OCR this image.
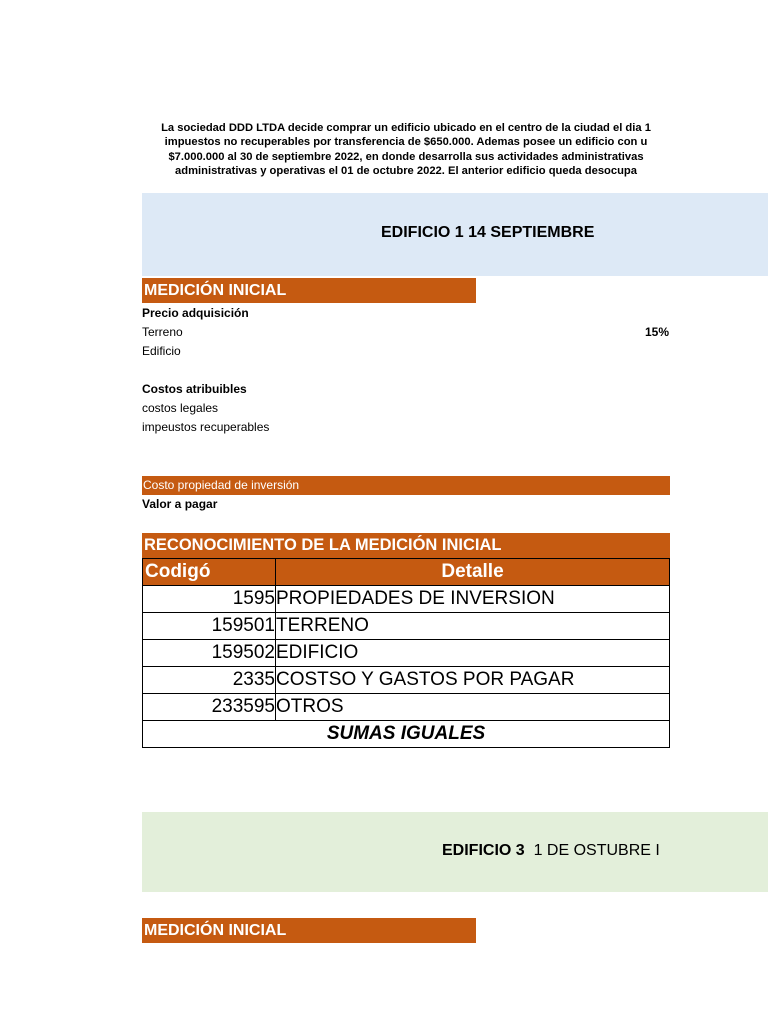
La sociedad DDD LTDA decide comprar un edificio ubicado en el centro de la ciudad el dia 1
impuestos no recuperables por transferencia de $650.000. Ademas posee un edificio con u
$7.000.000 al 30 de septiembre 2022, en donde desarrolla sus actividades administrativas
administrativas y operativas el 01 de octubre 2022. El anterior edificio queda desocupa
EDIFICIO 1 14 SEPTIEMBRE
MEDICIÓN INICIAL
Precio adquisición
Terreno	15%
Edificio
Costos atribuibles
costos legales
impeustos recuperables
Costo propiedad de inversión
Valor a pagar
RECONOCIMIENTO DE LA MEDICIÓN INICIAL
Codigó	Detalle
1595	PROPIEDADES DE INVERSION
159501	TERRENO
159502	EDIFICIO
2335	COSTSO Y GASTOS POR PAGAR
233595	OTROS
SUMAS IGUALES	
EDIFICIO 3 1 DE OSTUBRE I
MEDICIÓN INICIAL
